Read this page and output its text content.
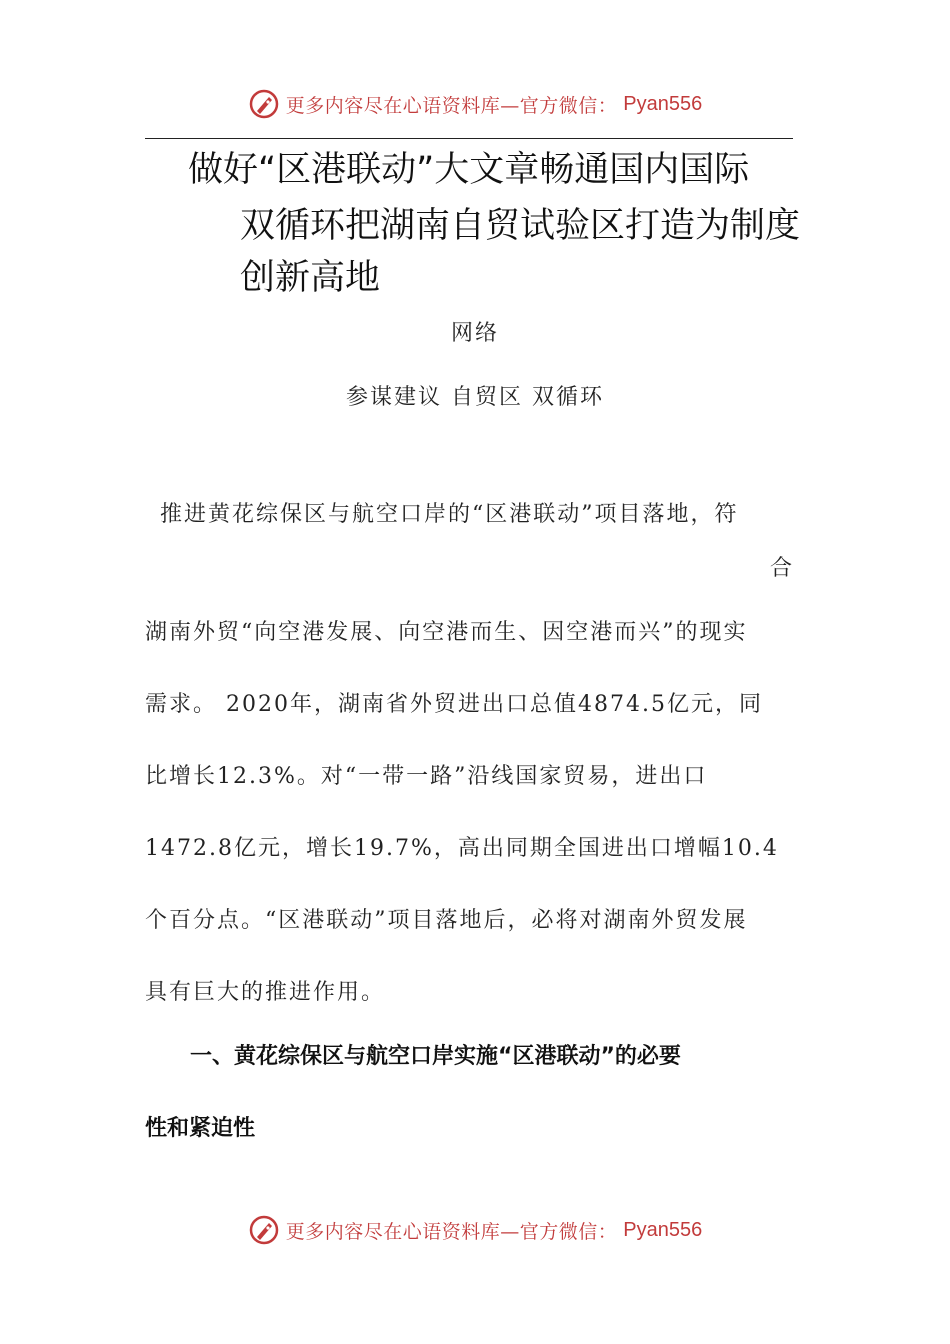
更多内容尽在心语资料库—官方微信： Pyan556
做好“区港联动”大文章畅通国内国际
双循环把湖南自贸试验区打造为制度
创新高地
网络
参谋建议 自贸区 双循环
推进黄花综保区与航空口岸的“区港联动”项目落地，符
合
湖南外贸“向空港发展、向空港而生、因空港而兴”的现实
需求。 2020年，湖南省外贸进出口总值4874.5亿元，同
比增长12.3%。对“一带一路”沿线国家贸易，进出口
1472.8亿元，增长19.7%，高出同期全国进出口增幅10.4
个百分点。“区港联动”项目落地后，必将对湖南外贸发展
具有巨大的推进作用。
一、黄花综保区与航空口岸实施“区港联动”的必要
性和紧迫性
更多内容尽在心语资料库—官方微信： Pyan556
